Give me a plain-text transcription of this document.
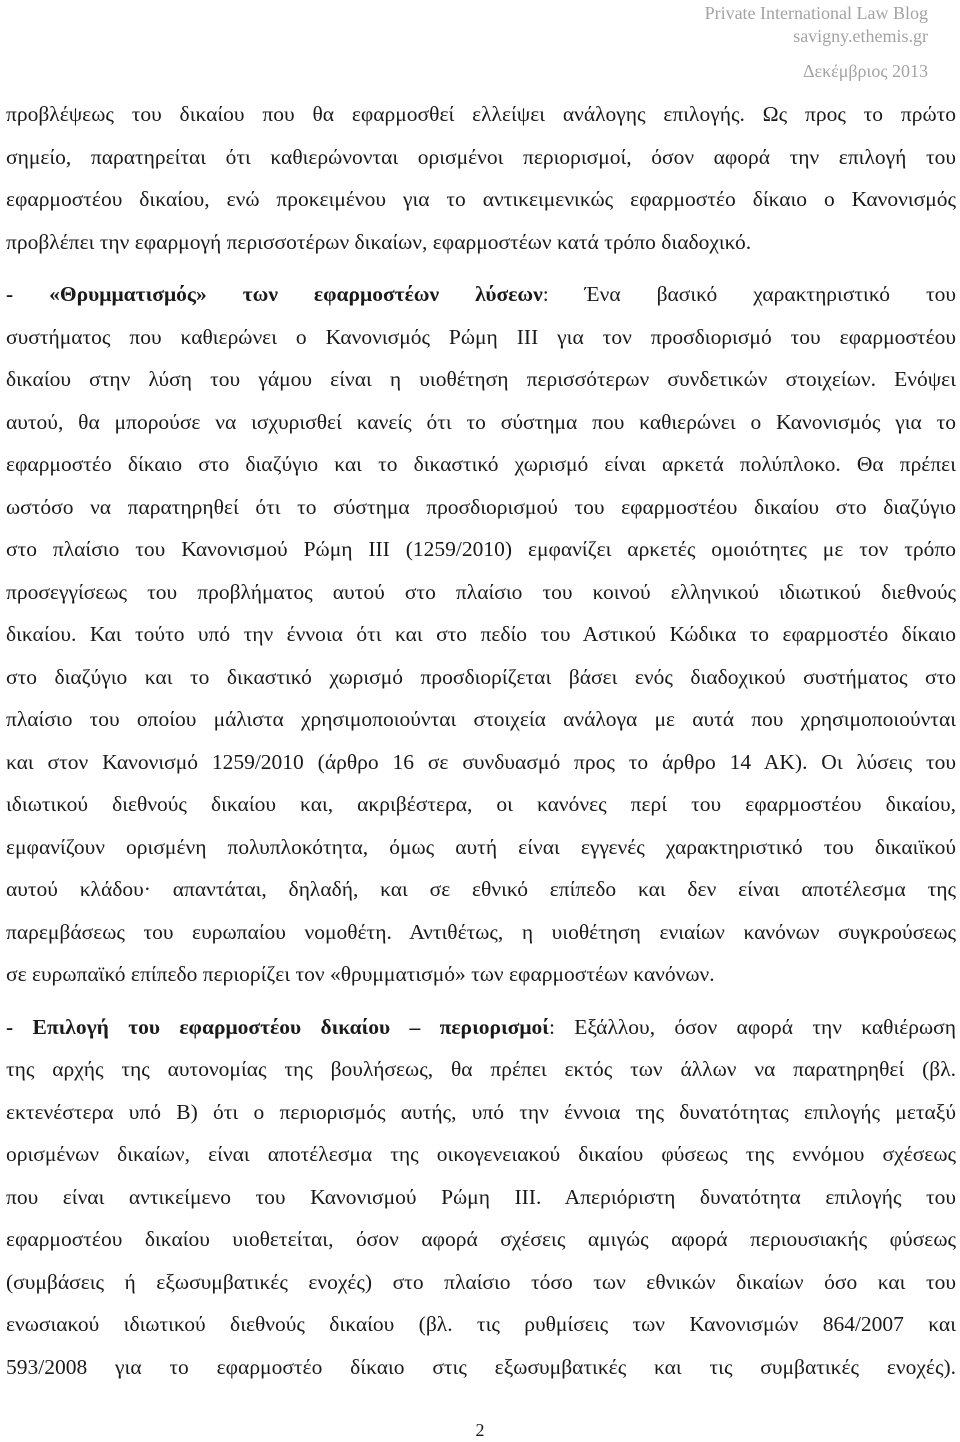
Private International Law Blog
savigny.ethemis.gr
Δεκέμβριος 2013

προβλέψεως του δικαίου που θα εφαρμοσθεί ελλείψει ανάλογης επιλογής. Ως προς το πρώτο

σημείο, παρατηρείται ότι καθιερώνονται ορισμένοι περιορισμοί, όσον αφορά την επιλογή του

εφαρμοστέου δικαίου, ενώ προκειμένου για το αντικειμενικώς εφαρμοστέο δίκαιο ο Κανονισμός

προβλέπει την εφαρμογή περισσοτέρων δικαίων, εφαρμοστέων κατά τρόπο διαδοχικό.

- «Θρυμματισμός» των εφαρμοστέων λύσεων: Ένα βασικό χαρακτηριστικό του

συστήματος που καθιερώνει ο Κανονισμός Ρώμη ΙΙΙ για τον προσδιορισμό του εφαρμοστέου

δικαίου στην λύση του γάμου είναι η υιοθέτηση περισσότερων συνδετικών στοιχείων. Ενόψει

αυτού, θα μπορούσε να ισχυρισθεί κανείς ότι το σύστημα που καθιερώνει ο Κανονισμός για το

εφαρμοστέο δίκαιο στο διαζύγιο και το δικαστικό χωρισμό είναι αρκετά πολύπλοκο. Θα πρέπει

ωστόσο να παρατηρηθεί ότι το σύστημα προσδιορισμού του εφαρμοστέου δικαίου στο διαζύγιο

στο πλαίσιο του Κανονισμού Ρώμη ΙΙΙ (1259/2010) εμφανίζει αρκετές ομοιότητες με τον τρόπο

προσεγγίσεως του προβλήματος αυτού στο πλαίσιο του κοινού ελληνικού ιδιωτικού διεθνούς

δικαίου. Και τούτο υπό την έννοια ότι και στο πεδίο του Αστικού Κώδικα το εφαρμοστέο δίκαιο

στο διαζύγιο και το δικαστικό χωρισμό προσδιορίζεται βάσει ενός διαδοχικού συστήματος στο

πλαίσιο του οποίου μάλιστα χρησιμοποιούνται στοιχεία ανάλογα με αυτά που χρησιμοποιούνται

και στον Κανονισμό 1259/2010 (άρθρο 16 σε συνδυασμό προς το άρθρο 14 ΑΚ). Οι λύσεις του

ιδιωτικού διεθνούς δικαίου και, ακριβέστερα, οι κανόνες περί του εφαρμοστέου δικαίου,

εμφανίζουν ορισμένη πολυπλοκότητα, όμως αυτή είναι εγγενές χαρακτηριστικό του δικαιϊκού

αυτού κλάδου· απαντάται, δηλαδή, και σε εθνικό επίπεδο και δεν είναι αποτέλεσμα της

παρεμβάσεως του ευρωπαίου νομοθέτη. Αντιθέτως, η υιοθέτηση ενιαίων κανόνων συγκρούσεως

σε ευρωπαϊκό επίπεδο περιορίζει τον «θρυμματισμό» των εφαρμοστέων κανόνων.

- Επιλογή του εφαρμοστέου δικαίου – περιορισμοί: Εξάλλου, όσον αφορά την καθιέρωση

της αρχής της αυτονομίας της βουλήσεως, θα πρέπει εκτός των άλλων να παρατηρηθεί (βλ.

εκτενέστερα υπό Β) ότι ο περιορισμός αυτής, υπό την έννοια της δυνατότητας επιλογής μεταξύ

ορισμένων δικαίων, είναι αποτέλεσμα της οικογενειακού δικαίου φύσεως της εννόμου σχέσεως

που είναι αντικείμενο του Κανονισμού Ρώμη ΙΙΙ. Απεριόριστη δυνατότητα επιλογής του

εφαρμοστέου δικαίου υιοθετείται, όσον αφορά σχέσεις αμιγώς αφορά περιουσιακής φύσεως

(συμβάσεις ή εξωσυμβατικές ενοχές) στο πλαίσιο τόσο των εθνικών δικαίων όσο και του

ενωσιακού ιδιωτικού διεθνούς δικαίου (βλ. τις ρυθμίσεις των Κανονισμών 864/2007 και

593/2008 για το εφαρμοστέο δίκαιο στις εξωσυμβατικές και τις συμβατικές ενοχές).

2
